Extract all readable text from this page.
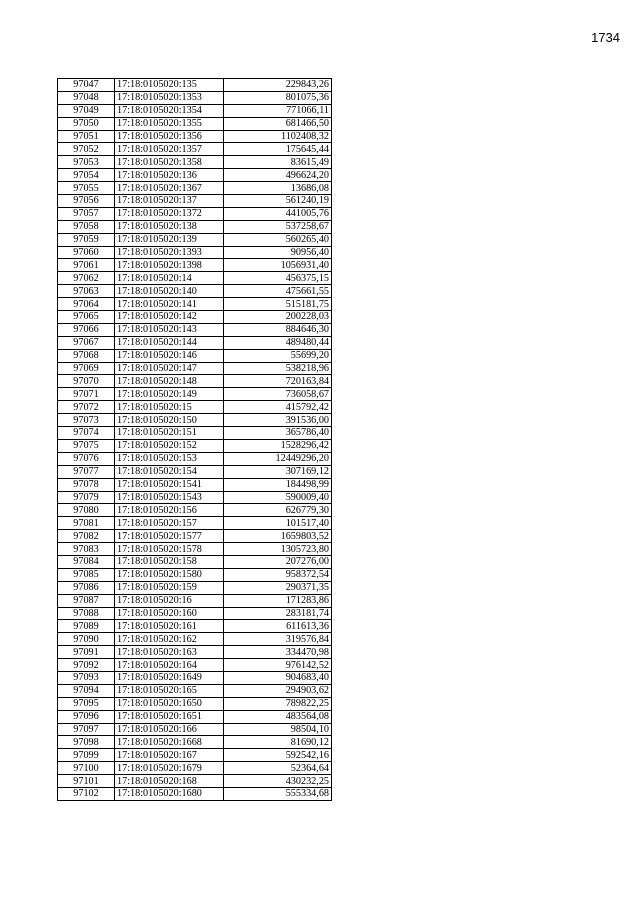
1734
97047	17:18:0105020:135	229843,26
97048	17:18:0105020:1353	801075,36
97049	17:18:0105020:1354	771066,11
97050	17:18:0105020:1355	681466,50
97051	17:18:0105020:1356	1102408,32
97052	17:18:0105020:1357	175645,44
97053	17:18:0105020:1358	83615,49
97054	17:18:0105020:136	496624,20
97055	17:18:0105020:1367	13686,08
97056	17:18:0105020:137	561240,19
97057	17:18:0105020:1372	441005,76
97058	17:18:0105020:138	537258,67
97059	17:18:0105020:139	560265,40
97060	17:18:0105020:1393	90956,40
97061	17:18:0105020:1398	1056931,40
97062	17:18:0105020:14	456375,15
97063	17:18:0105020:140	475661,55
97064	17:18:0105020:141	515181,75
97065	17:18:0105020:142	200228,03
97066	17:18:0105020:143	884646,30
97067	17:18:0105020:144	489480,44
97068	17:18:0105020:146	55699,20
97069	17:18:0105020:147	538218,96
97070	17:18:0105020:148	720163,84
97071	17:18:0105020:149	736058,67
97072	17:18:0105020:15	415792,42
97073	17:18:0105020:150	391536,00
97074	17:18:0105020:151	365786,40
97075	17:18:0105020:152	1528296,42
97076	17:18:0105020:153	12449296,20
97077	17:18:0105020:154	307169,12
97078	17:18:0105020:1541	184498,99
97079	17:18:0105020:1543	590009,40
97080	17:18:0105020:156	626779,30
97081	17:18:0105020:157	101517,40
97082	17:18:0105020:1577	1659803,52
97083	17:18:0105020:1578	1305723,80
97084	17:18:0105020:158	207276,00
97085	17:18:0105020:1580	958372,54
97086	17:18:0105020:159	290371,35
97087	17:18:0105020:16	171283,86
97088	17:18:0105020:160	283181,74
97089	17:18:0105020:161	611613,36
97090	17:18:0105020:162	319576,84
97091	17:18:0105020:163	334470,98
97092	17:18:0105020:164	976142,52
97093	17:18:0105020:1649	904683,40
97094	17:18:0105020:165	294903,62
97095	17:18:0105020:1650	789822,25
97096	17:18:0105020:1651	483564,08
97097	17:18:0105020:166	98504,10
97098	17:18:0105020:1668	81690,12
97099	17:18:0105020:167	592542,16
97100	17:18:0105020:1679	52364,64
97101	17:18:0105020:168	430232,25
97102	17:18:0105020:1680	555334,68
